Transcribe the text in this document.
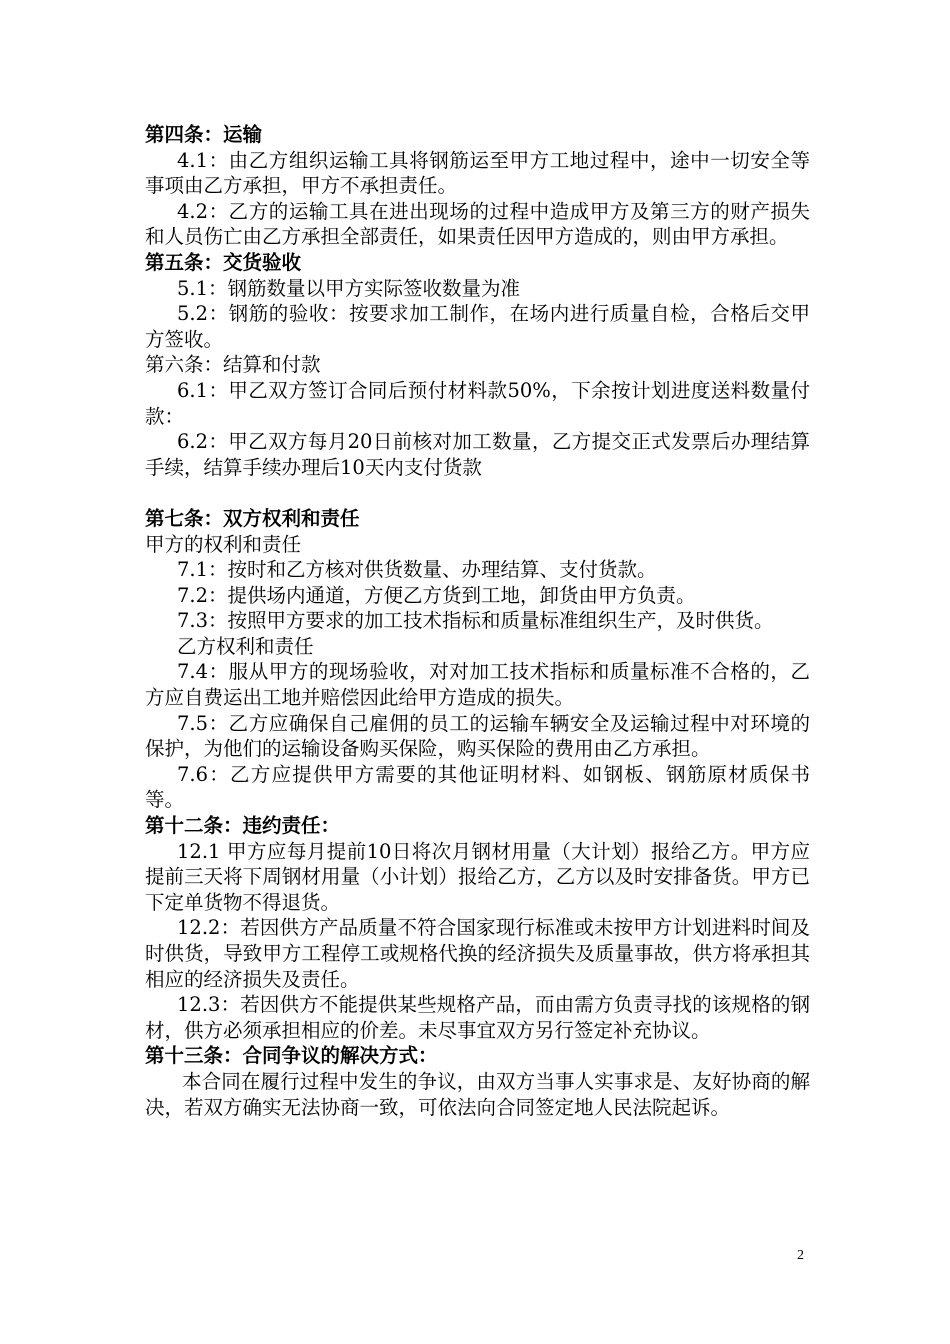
第四条：运输

4.1：由乙方组织运输工具将钢筋运至甲方工地过程中，途中一切安全等事项由乙方承担，甲方不承担责任。

4.2：乙方的运输工具在进出现场的过程中造成甲方及第三方的财产损失和人员伤亡由乙方承担全部责任，如果责任因甲方造成的，则由甲方承担。

第五条：交货验收

5.1：钢筋数量以甲方实际签收数量为准

5.2：钢筋的验收：按要求加工制作，在场内进行质量自检，合格后交甲方签收。

第六条：结算和付款

6.1：甲乙双方签订合同后预付材料款50%，下余按计划进度送料数量付款：

6.2：甲乙双方每月20日前核对加工数量，乙方提交正式发票后办理结算手续，结算手续办理后10天内支付货款

第七条：双方权利和责任

甲方的权利和责任

7.1：按时和乙方核对供货数量、办理结算、支付货款。

7.2：提供场内通道，方便乙方货到工地，卸货由甲方负责。

7.3：按照甲方要求的加工技术指标和质量标准组织生产，及时供货。

乙方权利和责任

7.4：服从甲方的现场验收，对对加工技术指标和质量标准不合格的，乙方应自费运出工地并赔偿因此给甲方造成的损失。

7.5：乙方应确保自己雇佣的员工的运输车辆安全及运输过程中对环境的保护，为他们的运输设备购买保险，购买保险的费用由乙方承担。

7.6：乙方应提供甲方需要的其他证明材料、如钢板、钢筋原材质保书等。

第十二条：违约责任：

12.1 甲方应每月提前10日将次月钢材用量（大计划）报给乙方。甲方应提前三天将下周钢材用量（小计划）报给乙方，乙方以及时安排备货。甲方已下定单货物不得退货。

12.2：若因供方产品质量不符合国家现行标准或未按甲方计划进料时间及时供货，导致甲方工程停工或规格代换的经济损失及质量事故，供方将承担其相应的经济损失及责任。

12.3：若因供方不能提供某些规格产品，而由需方负责寻找的该规格的钢材，供方必须承担相应的价差。未尽事宜双方另行签定补充协议。

第十三条：合同争议的解决方式：

本合同在履行过程中发生的争议，由双方当事人实事求是、友好协商的解决，若双方确实无法协商一致，可依法向合同签定地人民法院起诉。

2
